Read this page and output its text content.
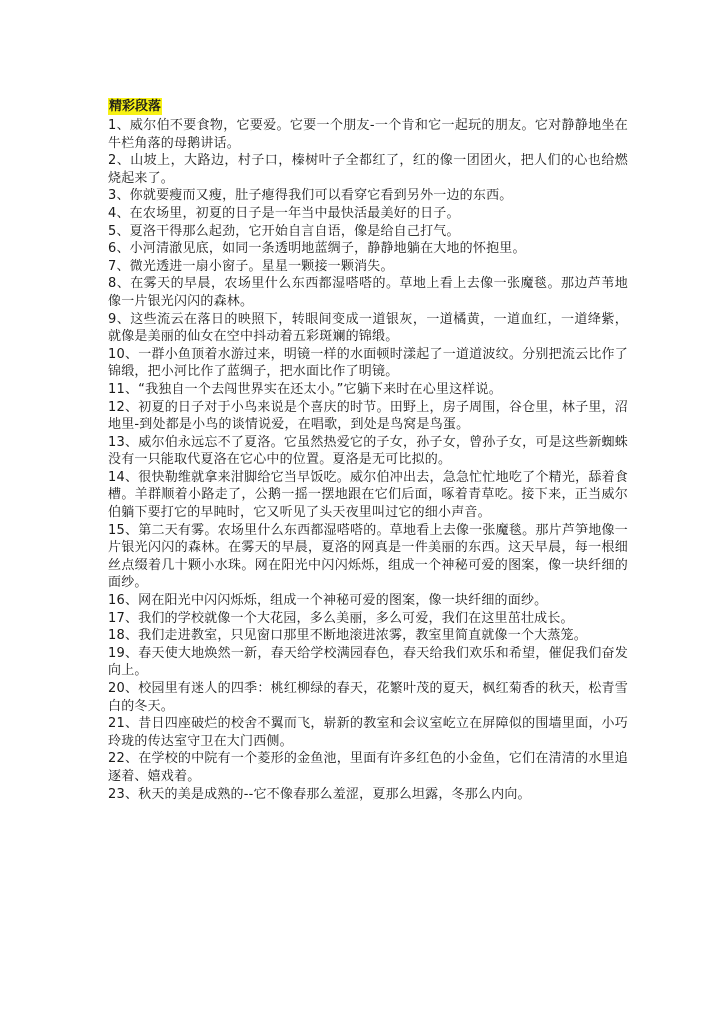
精彩段落

1、威尔伯不要食物，它要爱。它要一个朋友-一个肯和它一起玩的朋友。它对静静地坐在牛栏角落的母鹅讲话。

2、山坡上，大路边，村子口，榛树叶子全都红了，红的像一团团火，把人们的心也给燃烧起来了。

3、你就要瘦而又瘦，肚子瘪得我们可以看穿它看到另外一边的东西。

4、在农场里，初夏的日子是一年当中最快活最美好的日子。

5、夏洛干得那么起劲，它开始自言自语，像是给自己打气。

6、小河清澈见底，如同一条透明地蓝绸子，静静地躺在大地的怀抱里。

7、微光透进一扇小窗子。星星一颗接一颗消失。

8、在雾天的早晨，农场里什么东西都湿嗒嗒的。草地上看上去像一张魔毯。那边芦苇地像一片银光闪闪的森林。

9、这些流云在落日的映照下，转眼间变成一道银灰，一道橘黄，一道血红，一道绛紫，就像是美丽的仙女在空中抖动着五彩斑斓的锦缎。

10、一群小鱼顶着水游过来，明镜一样的水面顿时漾起了一道道波纹。分别把流云比作了锦缎，把小河比作了蓝绸子，把水面比作了明镜。

11、“我独自一个去闯世界实在还太小。”它躺下来时在心里这样说。

12、初夏的日子对于小鸟来说是个喜庆的时节。田野上，房子周围，谷仓里，林子里，沼地里-到处都是小鸟的谈情说爱，在唱歌，到处是鸟窝是鸟蛋。

13、威尔伯永远忘不了夏洛。它虽然热爱它的子女，孙子女，曾孙子女，可是这些新蜘蛛没有一只能取代夏洛在它心中的位置。夏洛是无可比拟的。

14、很快勒维就拿来泔脚给它当早饭吃。威尔伯冲出去，急急忙忙地吃了个精光，舔着食槽。羊群顺着小路走了，公鹅一摇一摆地跟在它们后面，啄着青草吃。接下来，正当威尔伯躺下要打它的早盹时，它又听见了头天夜里叫过它的细小声音。

15、第二天有雾。农场里什么东西都湿嗒嗒的。草地看上去像一张魔毯。那片芦笋地像一片银光闪闪的森林。在雾天的早晨，夏洛的网真是一件美丽的东西。这天早晨，每一根细丝点缀着几十颗小水珠。网在阳光中闪闪烁烁，组成一个神秘可爱的图案，像一块纤细的面纱。

16、网在阳光中闪闪烁烁，组成一个神秘可爱的图案，像一块纤细的面纱。

17、我们的学校就像一个大花园，多么美丽，多么可爱，我们在这里茁壮成长。

18、我们走进教室，只见窗口那里不断地滚进浓雾，教室里简直就像一个大蒸笼。

19、春天使大地焕然一新，春天给学校满园春色，春天给我们欢乐和希望，催促我们奋发向上。

20、校园里有迷人的四季：桃红柳绿的春天，花繁叶茂的夏天，枫红菊香的秋天，松青雪白的冬天。

21、昔日四座破烂的校舍不翼而飞，崭新的教室和会议室屹立在屏障似的围墙里面，小巧玲珑的传达室守卫在大门西侧。

22、在学校的中院有一个菱形的金鱼池，里面有许多红色的小金鱼，它们在清清的水里追逐着、嬉戏着。

23、秋天的美是成熟的--它不像春那么羞涩，夏那么坦露，冬那么内向。
